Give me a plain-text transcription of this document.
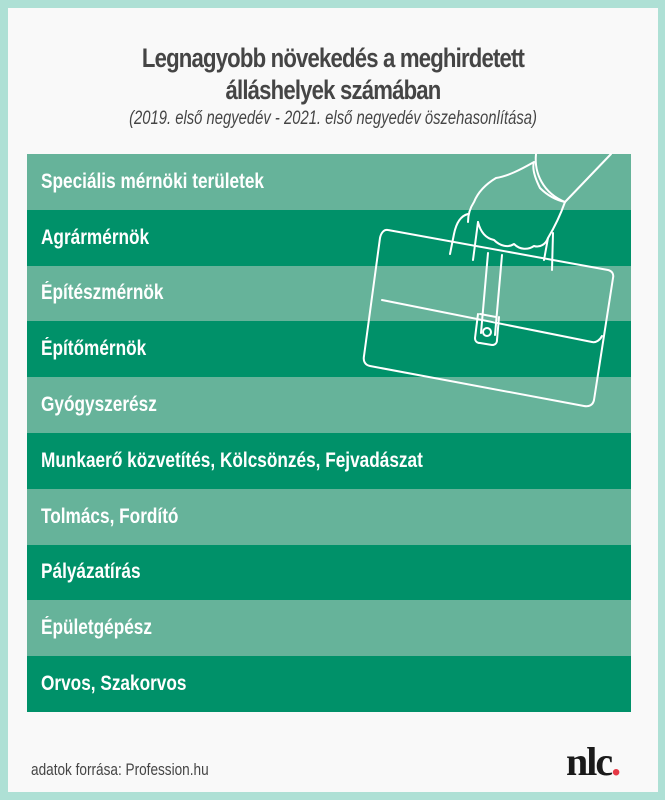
Legnagyobb növekedés a meghirdetett
álláshelyek számában
(2019. első negyedév - 2021. első negyedév öszehasonlítása)
Speciális mérnöki területek
Agrármérnök
Építészmérnök
Építőmérnök
Gyógyszerész
Munkaerő közvetítés, Kölcsönzés, Fejvadászat
Tolmács, Fordító
Pályázatírás
Épületgépész
Orvos, Szakorvos
adatok forrása: Profession.hu	nlc.
